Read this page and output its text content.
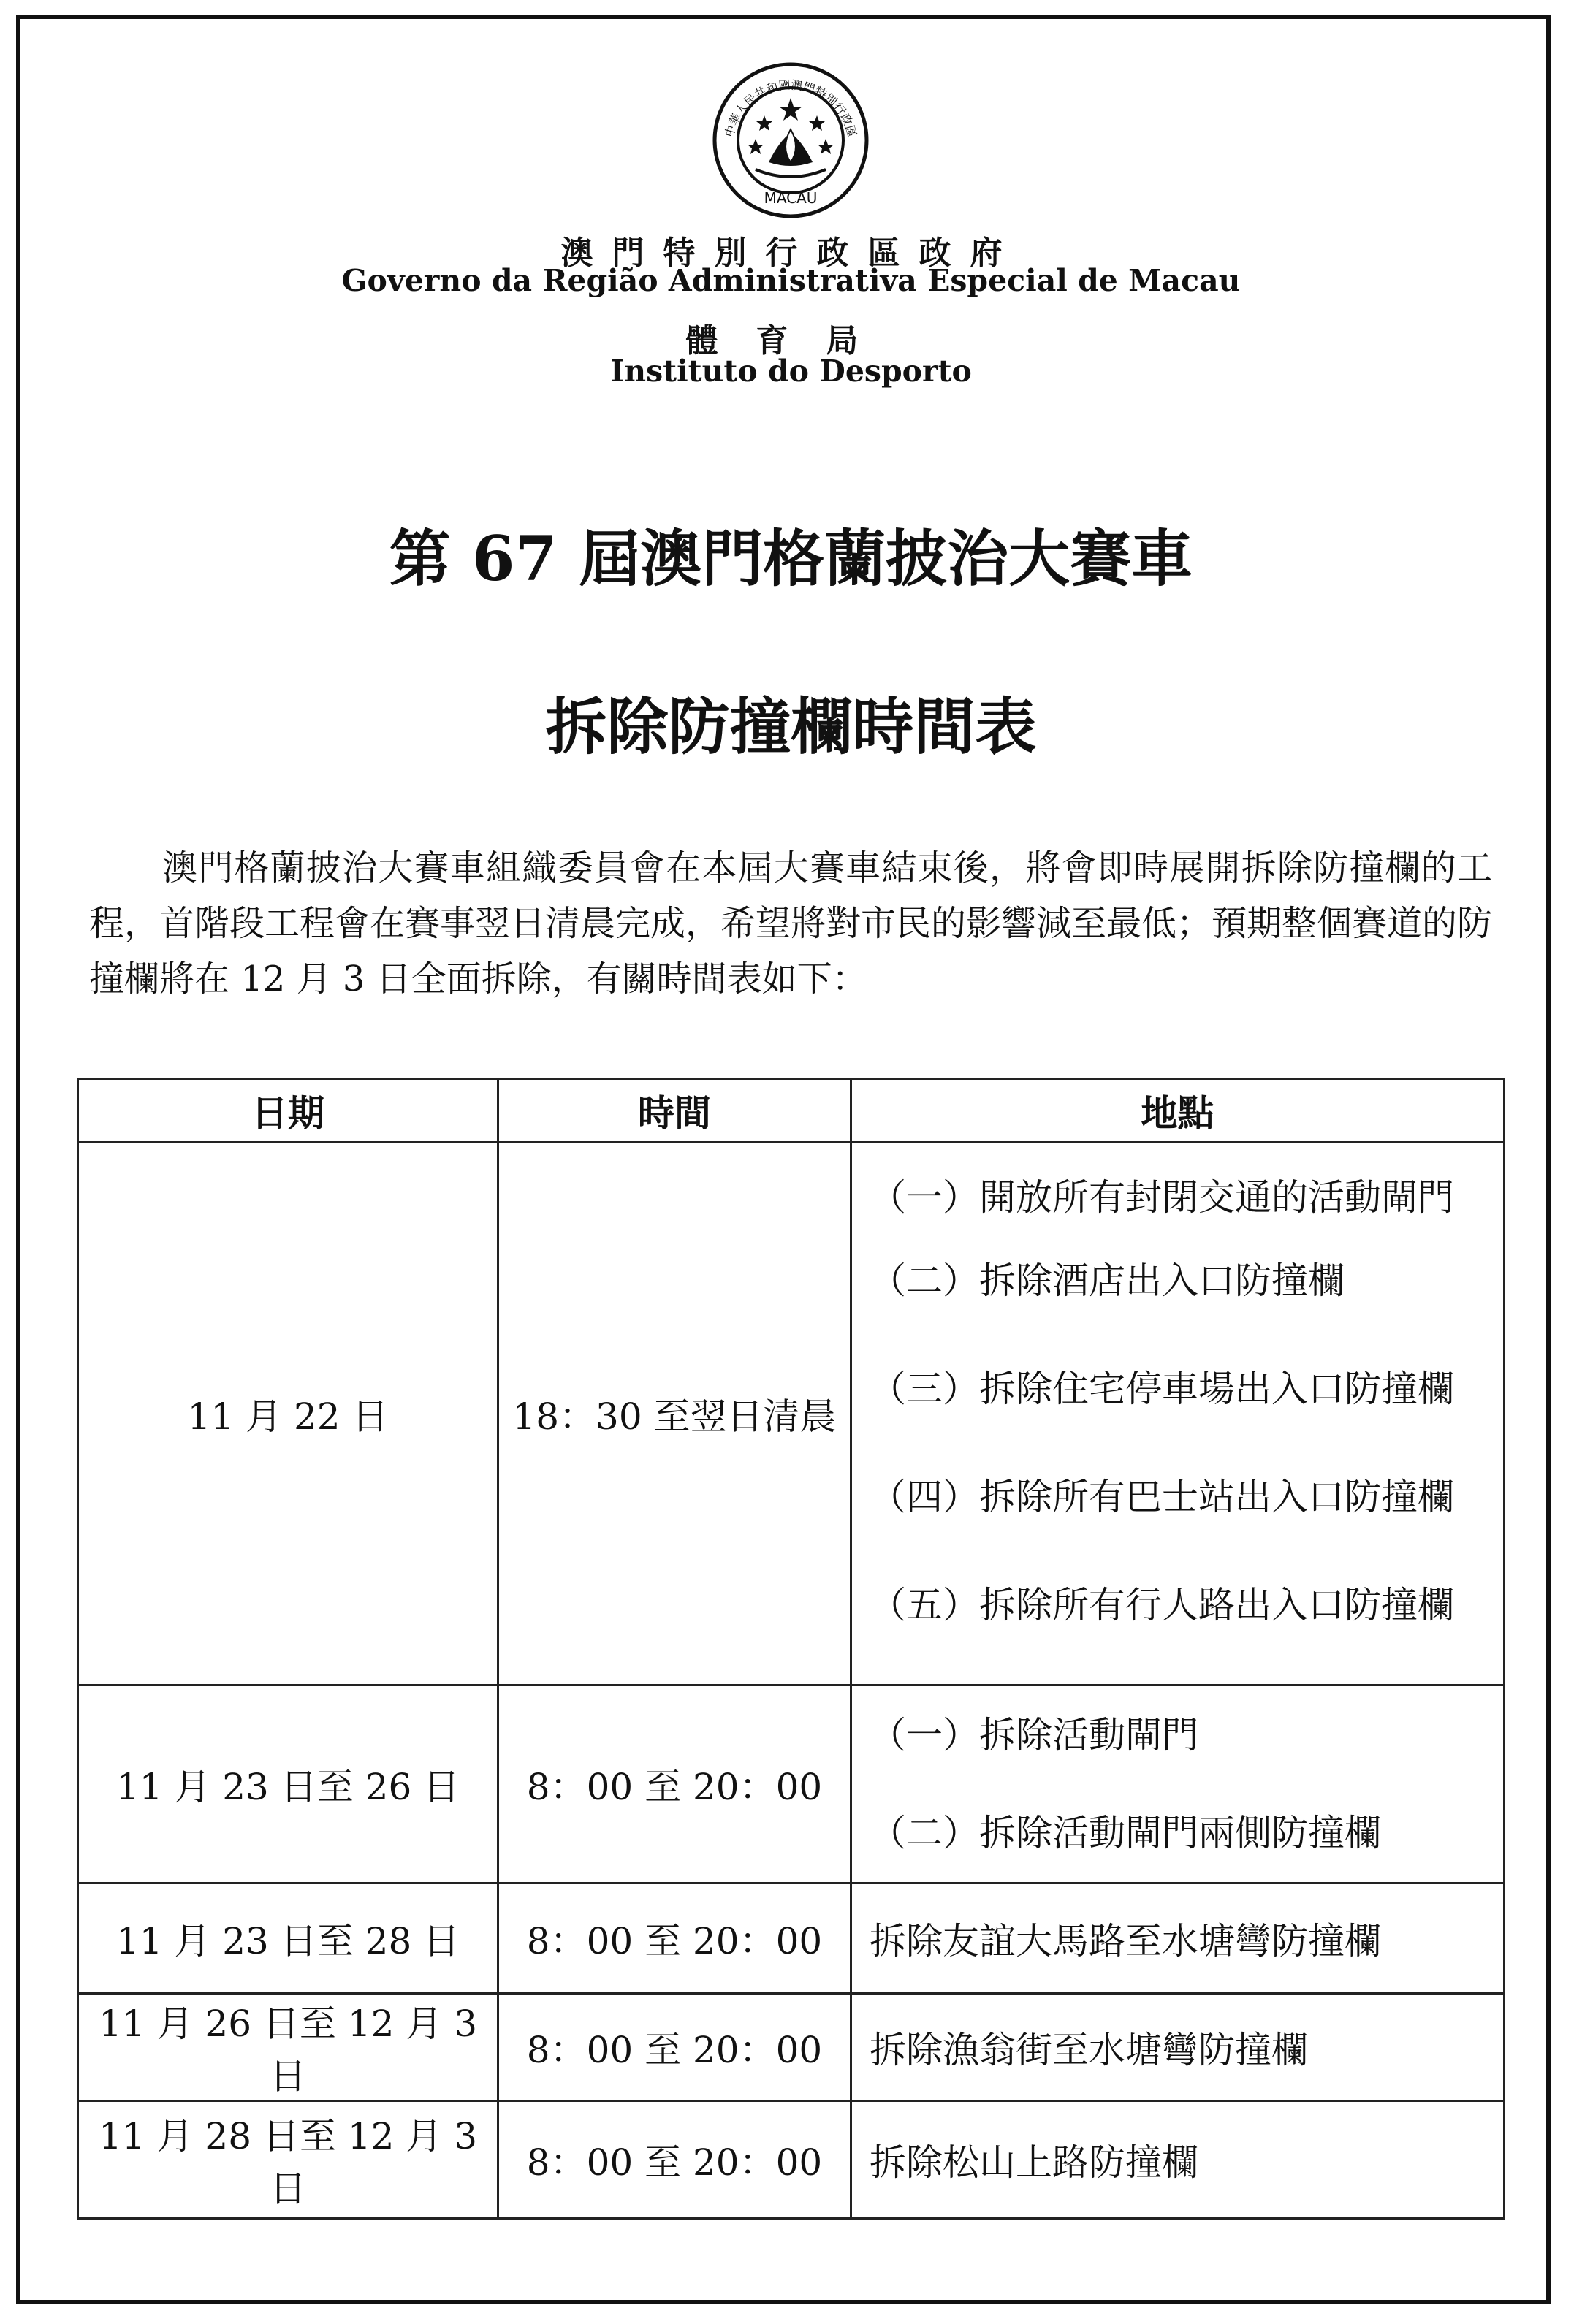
中華人民共和國澳門特別行政區
MACAU
澳門特別行政區政府
Governo da Região Administrativa Especial de Macau
體育局
Instituto do Desporto
第 67 屆澳門格蘭披治大賽車
拆除防撞欄時間表
澳門格蘭披治大賽車組織委員會在本屆大賽車結束後，將會即時展開拆除防撞欄的工程，首階段工程會在賽事翌日清晨完成，希望將對市民的影響減至最低；預期整個賽道的防撞欄將在 12 月 3 日全面拆除，有關時間表如下：
日期	時間	地點
11 月 22 日	18：30 至翌日清晨	（一）開放所有封閉交通的活動閘門
（二）拆除酒店出入口防撞欄
（三）拆除住宅停車場出入口防撞欄
（四）拆除所有巴士站出入口防撞欄
（五）拆除所有行人路出入口防撞欄

11 月 23 日至 26 日	8：00 至 20：00	（一）拆除活動閘門
（二）拆除活動閘門兩側防撞欄

11 月 23 日至 28 日	8：00 至 20：00	拆除友誼大馬路至水塘彎防撞欄
11 月 26 日至 12 月 3 日	8：00 至 20：00	拆除漁翁街至水塘彎防撞欄
11 月 28 日至 12 月 3 日	8：00 至 20：00	拆除松山上路防撞欄
